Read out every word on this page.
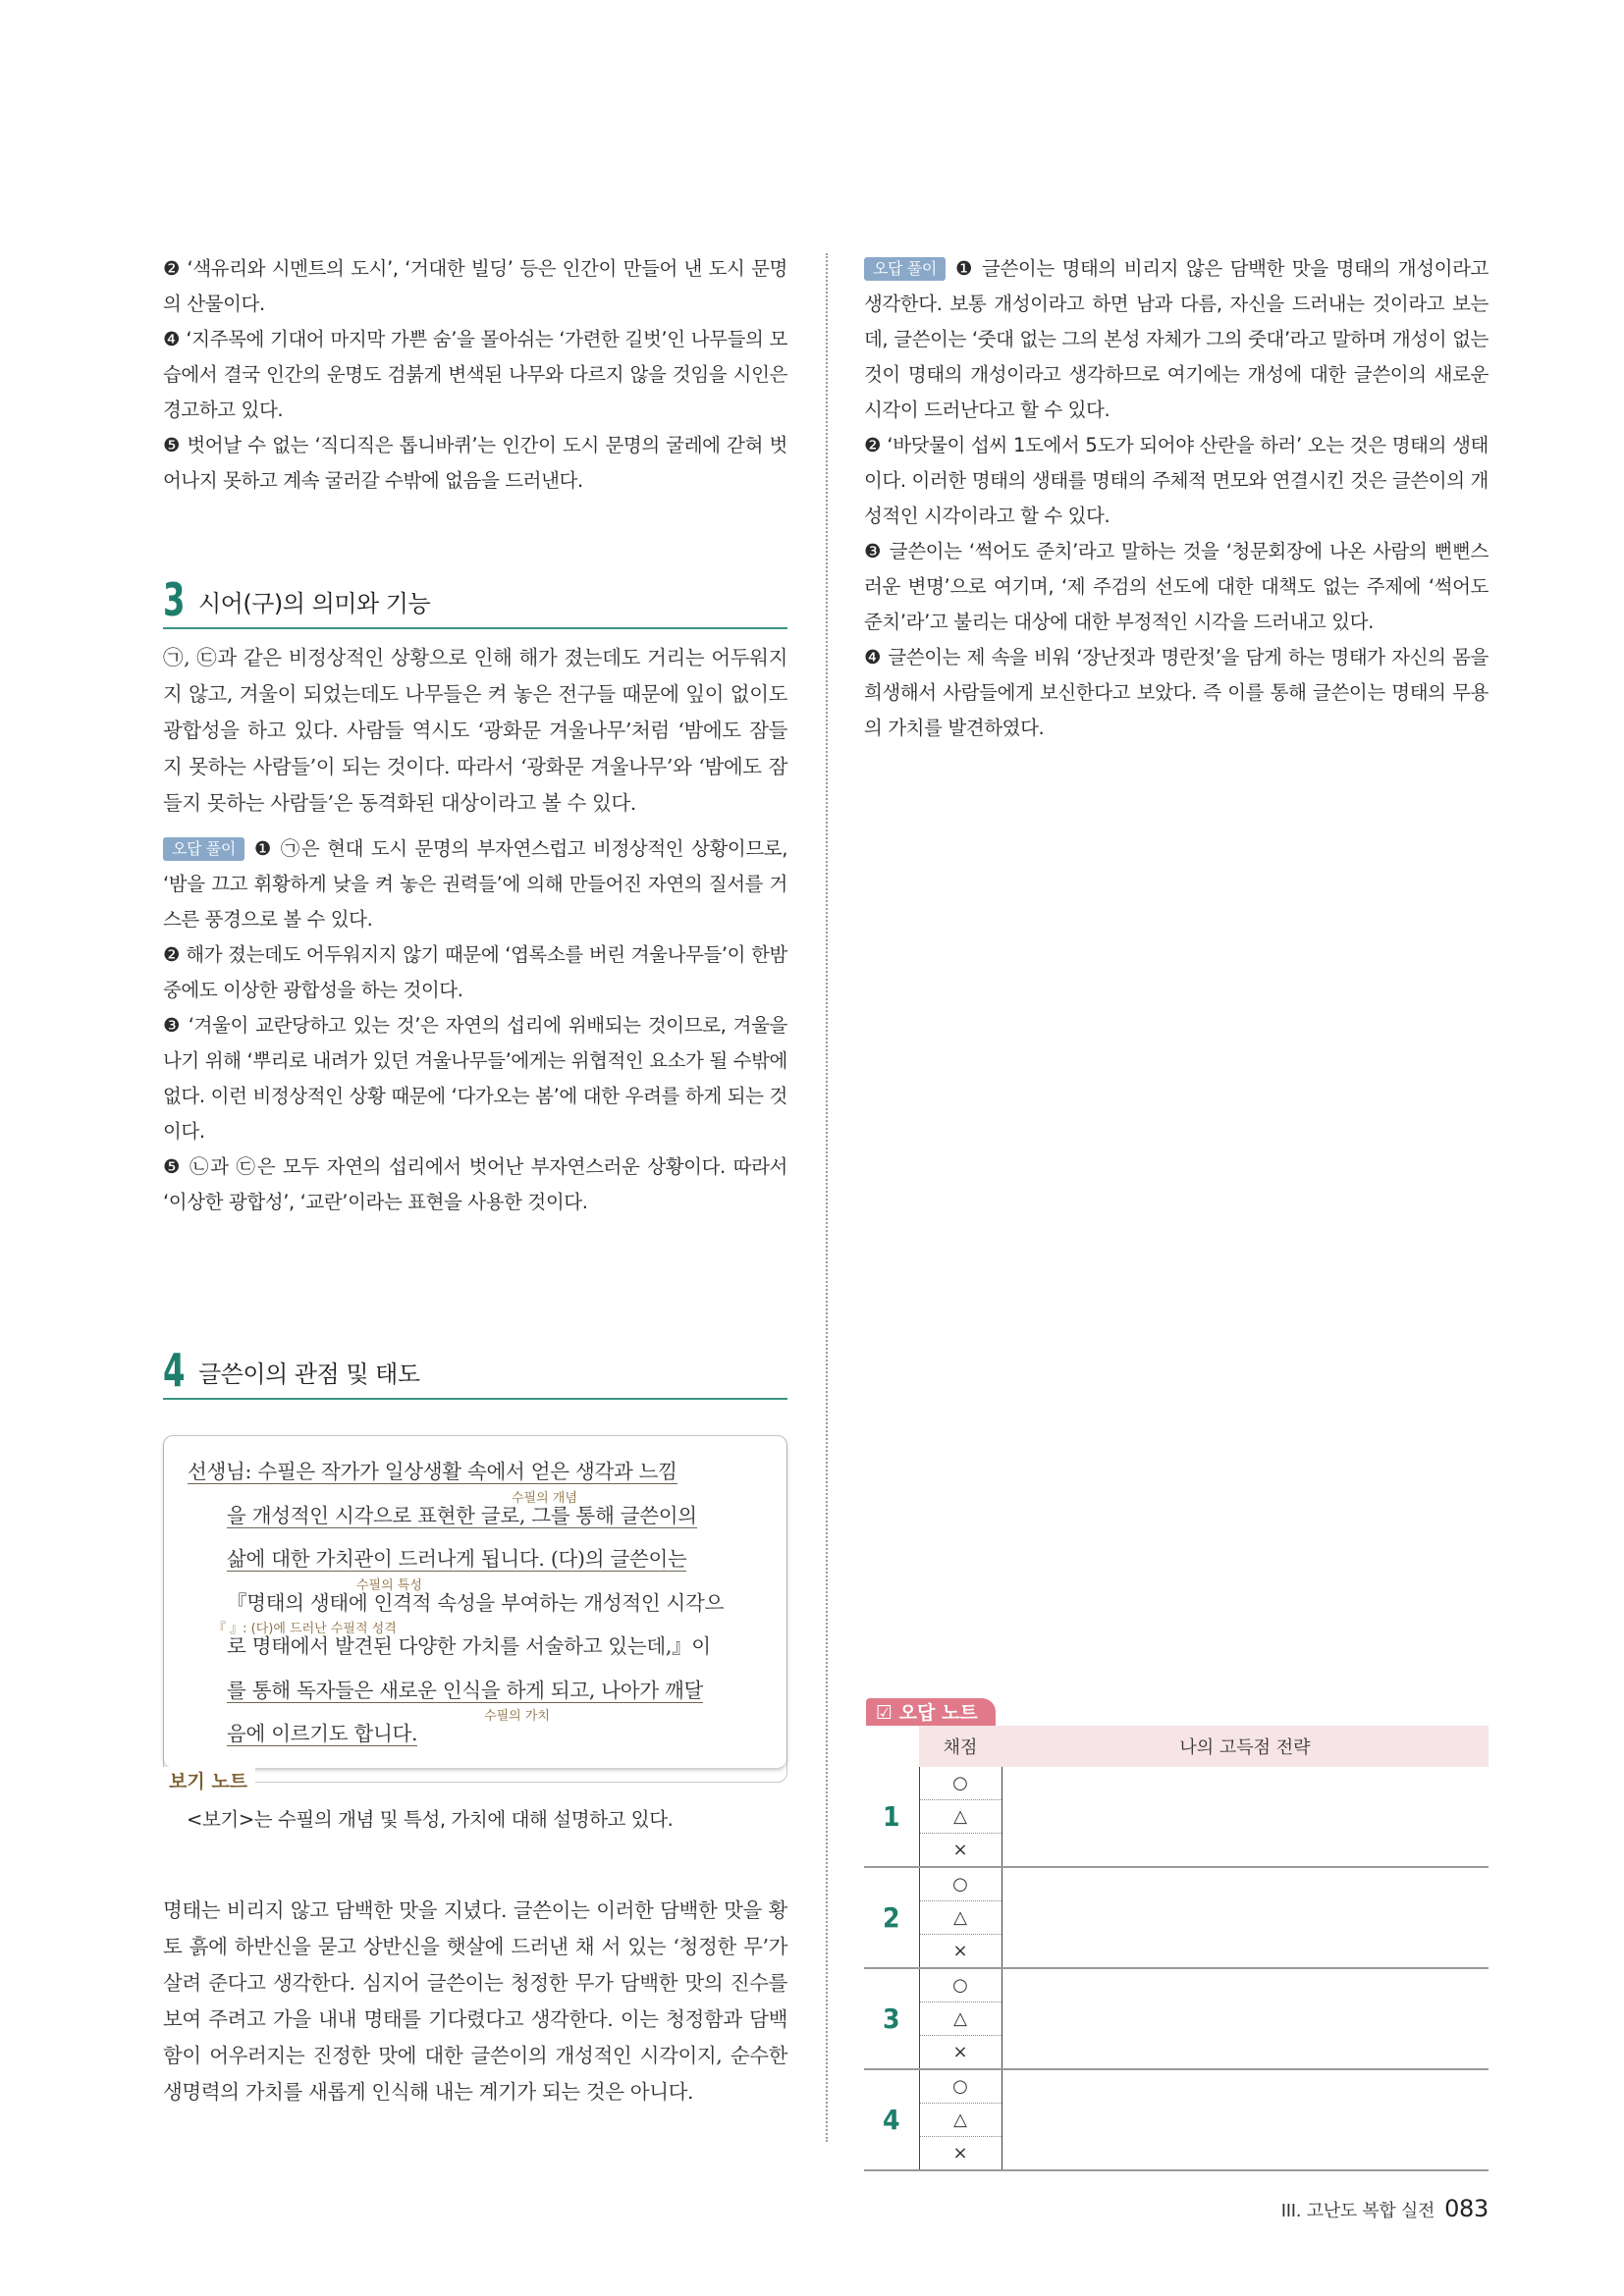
❷ ‘색유리와 시멘트의 도시’, ‘거대한 빌딩’ 등은 인간이 만들어 낸 도시 문명의 산물이다.

❹ ‘지주목에 기대어 마지막 가쁜 숨’을 몰아쉬는 ‘가련한 길벗’인 나무들의 모습에서 결국 인간의 운명도 검붉게 변색된 나무와 다르지 않을 것임을 시인은 경고하고 있다.

❺ 벗어날 수 없는 ‘직디직은 톱니바퀴’는 인간이 도시 문명의 굴레에 갇혀 벗어나지 못하고 계속 굴러갈 수밖에 없음을 드러낸다.

3 시어(구)의 의미와 기능

㉠, ㉢과 같은 비정상적인 상황으로 인해 해가 졌는데도 거리는 어두워지지 않고, 겨울이 되었는데도 나무들은 켜 놓은 전구들 때문에 잎이 없이도 광합성을 하고 있다. 사람들 역시도 ‘광화문 겨울나무’처럼 ‘밤에도 잠들지 못하는 사람들’이 되는 것이다. 따라서 ‘광화문 겨울나무’와 ‘밤에도 잠들지 못하는 사람들’은 동격화된 대상이라고 볼 수 있다.

오답 풀이 ❶ ㉠은 현대 도시 문명의 부자연스럽고 비정상적인 상황이므로, ‘밤을 끄고 휘황하게 낮을 켜 놓은 권력들’에 의해 만들어진 자연의 질서를 거스른 풍경으로 볼 수 있다.

❷ 해가 졌는데도 어두워지지 않기 때문에 ‘엽록소를 버린 겨울나무들’이 한밤중에도 이상한 광합성을 하는 것이다.

❸ ‘겨울이 교란당하고 있는 것’은 자연의 섭리에 위배되는 것이므로, 겨울을 나기 위해 ‘뿌리로 내려가 있던 겨울나무들’에게는 위협적인 요소가 될 수밖에 없다. 이런 비정상적인 상황 때문에 ‘다가오는 봄’에 대한 우려를 하게 되는 것이다.

❺ ㉡과 ㉢은 모두 자연의 섭리에서 벗어난 부자연스러운 상황이다. 따라서 ‘이상한 광합성’, ‘교란’이라는 표현을 사용한 것이다.

4 글쓴이의 관점 및 태도
선생님: 수필은 작가가 일상생활 속에서 얻은 생각과 느낌
을 개성적인 시각으로 표현한 글로, 그를 통해 글쓴이의
삶에 대한 가치관이 드러나게 됩니다. (다)의 글쓴이는
『명태의 생태에 인격적 속성을 부여하는 개성적인 시각으
로 명태에서 발견된 다양한 가치를 서술하고 있는데,』이
를 통해 독자들은 새로운 인식을 하게 되고, 나아가 깨달
음에 이르기도 합니다.
수필의 개념
수필의 특성
『 』: (다)에 드러난 수필적 성격
수필의 가치
보기 노트
<보기>는 수필의 개념 및 특성, 가치에 대해 설명하고 있다.

명태는 비리지 않고 담백한 맛을 지녔다. 글쓴이는 이러한 담백한 맛을 황토 흙에 하반신을 묻고 상반신을 햇살에 드러낸 채 서 있는 ‘청정한 무’가 살려 준다고 생각한다. 심지어 글쓴이는 청정한 무가 담백한 맛의 진수를 보여 주려고 가을 내내 명태를 기다렸다고 생각한다. 이는 청정함과 담백함이 어우러지는 진정한 맛에 대한 글쓴이의 개성적인 시각이지, 순수한 생명력의 가치를 새롭게 인식해 내는 계기가 되는 것은 아니다.

오답 풀이 ❶ 글쓴이는 명태의 비리지 않은 담백한 맛을 명태의 개성이라고 생각한다. 보통 개성이라고 하면 남과 다름, 자신을 드러내는 것이라고 보는데, 글쓴이는 ‘줏대 없는 그의 본성 자체가 그의 줏대’라고 말하며 개성이 없는 것이 명태의 개성이라고 생각하므로 여기에는 개성에 대한 글쓴이의 새로운 시각이 드러난다고 할 수 있다.

❷ ‘바닷물이 섭씨 1도에서 5도가 되어야 산란을 하러’ 오는 것은 명태의 생태이다. 이러한 명태의 생태를 명태의 주체적 면모와 연결시킨 것은 글쓴이의 개성적인 시각이라고 할 수 있다.

❸ 글쓴이는 ‘썩어도 준치’라고 말하는 것을 ‘청문회장에 나온 사람의 뻔뻔스러운 변명’으로 여기며, ‘제 주검의 선도에 대한 대책도 없는 주제에 ‘썩어도 준치’라’고 불리는 대상에 대한 부정적인 시각을 드러내고 있다.

❹ 글쓴이는 제 속을 비워 ‘장난젓과 명란젓’을 담게 하는 명태가 자신의 몸을 희생해서 사람들에게 보신한다고 보았다. 즉 이를 통해 글쓴이는 명태의 무용의 가치를 발견하였다.

☑ 오답 노트
	채점	나의 고득점 전략
1	○	
	△	
	×	
2	○	
	△	
	×	
3	○	
	△	
	×	
4	○	
	△	
	×	
III. 고난도 복합 실전 083
